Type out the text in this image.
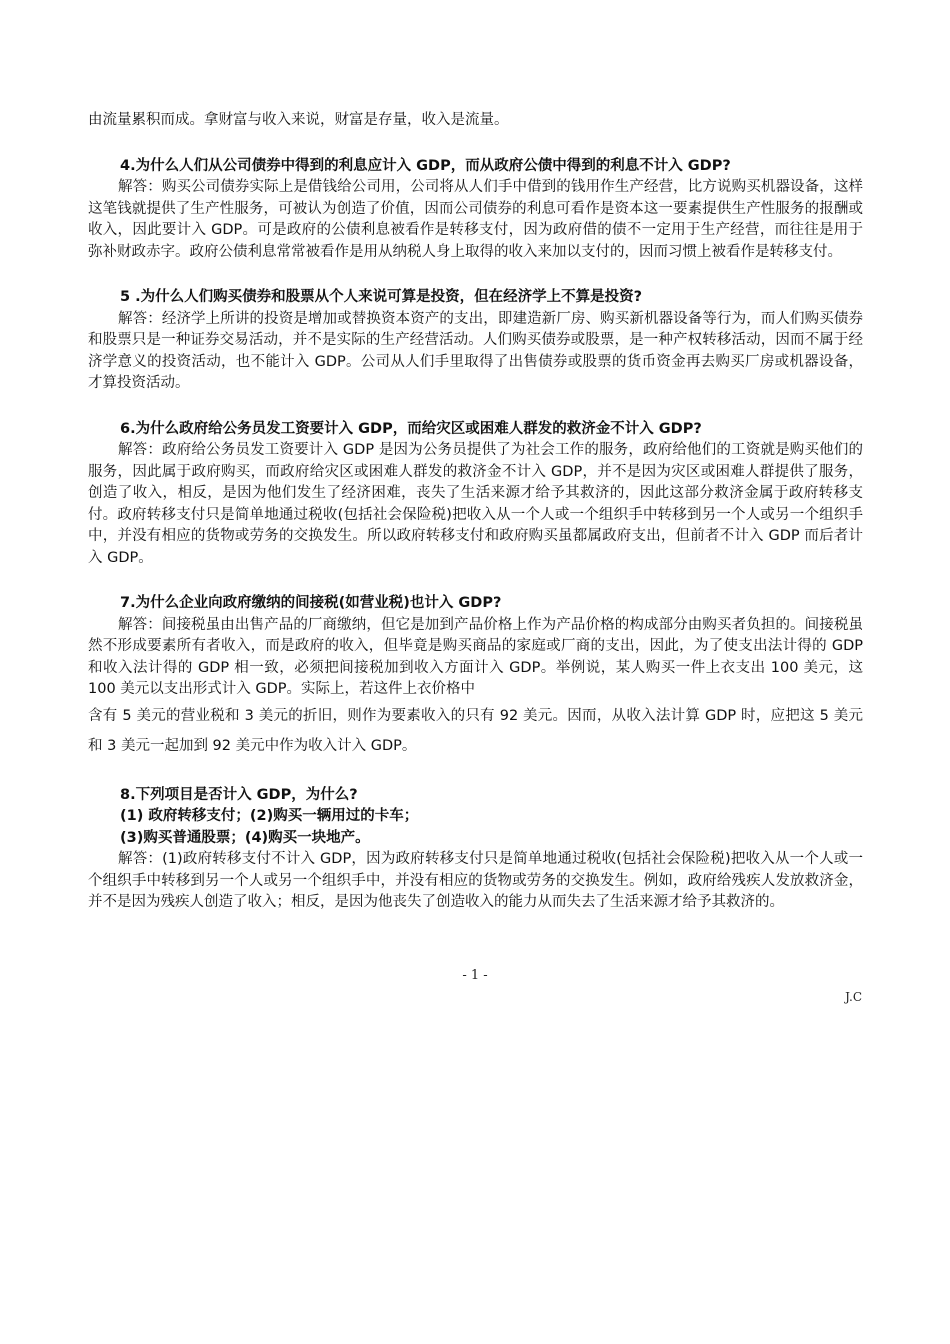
由流量累积而成。拿财富与收入来说，财富是存量，收入是流量。

4.为什么人们从公司债券中得到的利息应计入 GDP，而从政府公债中得到的利息不计入 GDP?

解答：购买公司债券实际上是借钱给公司用，公司将从人们手中借到的钱用作生产经营，比方说购买机器设备，这样这笔钱就提供了生产性服务，可被认为创造了价值，因而公司债券的利息可看作是资本这一要素提供生产性服务的报酬或收入，因此要计入 GDP。可是政府的公债利息被看作是转移支付，因为政府借的债不一定用于生产经营，而往往是用于弥补财政赤字。政府公债利息常常被看作是用从纳税人身上取得的收入来加以支付的，因而习惯上被看作是转移支付。

5 .为什么人们购买债券和股票从个人来说可算是投资，但在经济学上不算是投资?

解答：经济学上所讲的投资是增加或替换资本资产的支出，即建造新厂房、购买新机器设备等行为，而人们购买债券和股票只是一种证券交易活动，并不是实际的生产经营活动。人们购买债券或股票，是一种产权转移活动，因而不属于经济学意义的投资活动，也不能计入 GDP。公司从人们手里取得了出售债券或股票的货币资金再去购买厂房或机器设备，才算投资活动。

6.为什么政府给公务员发工资要计入 GDP，而给灾区或困难人群发的救济金不计入 GDP?

解答：政府给公务员发工资要计入 GDP 是因为公务员提供了为社会工作的服务，政府给他们的工资就是购买他们的服务，因此属于政府购买，而政府给灾区或困难人群发的救济金不计入 GDP，并不是因为灾区或困难人群提供了服务，创造了收入，相反，是因为他们发生了经济困难，丧失了生活来源才给予其救济的，因此这部分救济金属于政府转移支付。政府转移支付只是简单地通过税收(包括社会保险税)把收入从一个人或一个组织手中转移到另一个人或另一个组织手中，并没有相应的货物或劳务的交换发生。所以政府转移支付和政府购买虽都属政府支出，但前者不计入 GDP 而后者计入 GDP。

7.为什么企业向政府缴纳的间接税(如营业税)也计入 GDP?

解答：间接税虽由出售产品的厂商缴纳，但它是加到产品价格上作为产品价格的构成部分由购买者负担的。间接税虽然不形成要素所有者收入，而是政府的收入，但毕竟是购买商品的家庭或厂商的支出，因此，为了使支出法计得的 GDP 和收入法计得的 GDP 相一致，必须把间接税加到收入方面计入 GDP。举例说，某人购买一件上衣支出 100 美元，这 100 美元以支出形式计入 GDP。实际上，若这件上衣价格中

含有 5 美元的营业税和 3 美元的折旧，则作为要素收入的只有 92 美元。因而，从收入法计算 GDP 时，应把这 5 美元和 3 美元一起加到 92 美元中作为收入计入 GDP。

8.下列项目是否计入 GDP，为什么?

(1) 政府转移支付；(2)购买一辆用过的卡车；

(3)购买普通股票；(4)购买一块地产。

解答：(1)政府转移支付不计入 GDP，因为政府转移支付只是简单地通过税收(包括社会保险税)把收入从一个人或一个组织手中转移到另一个人或另一个组织手中，并没有相应的货物或劳务的交换发生。例如，政府给残疾人发放救济金，并不是因为残疾人创造了收入；相反，是因为他丧失了创造收入的能力从而失去了生活来源才给予其救济的。

- 1 -
J.C
